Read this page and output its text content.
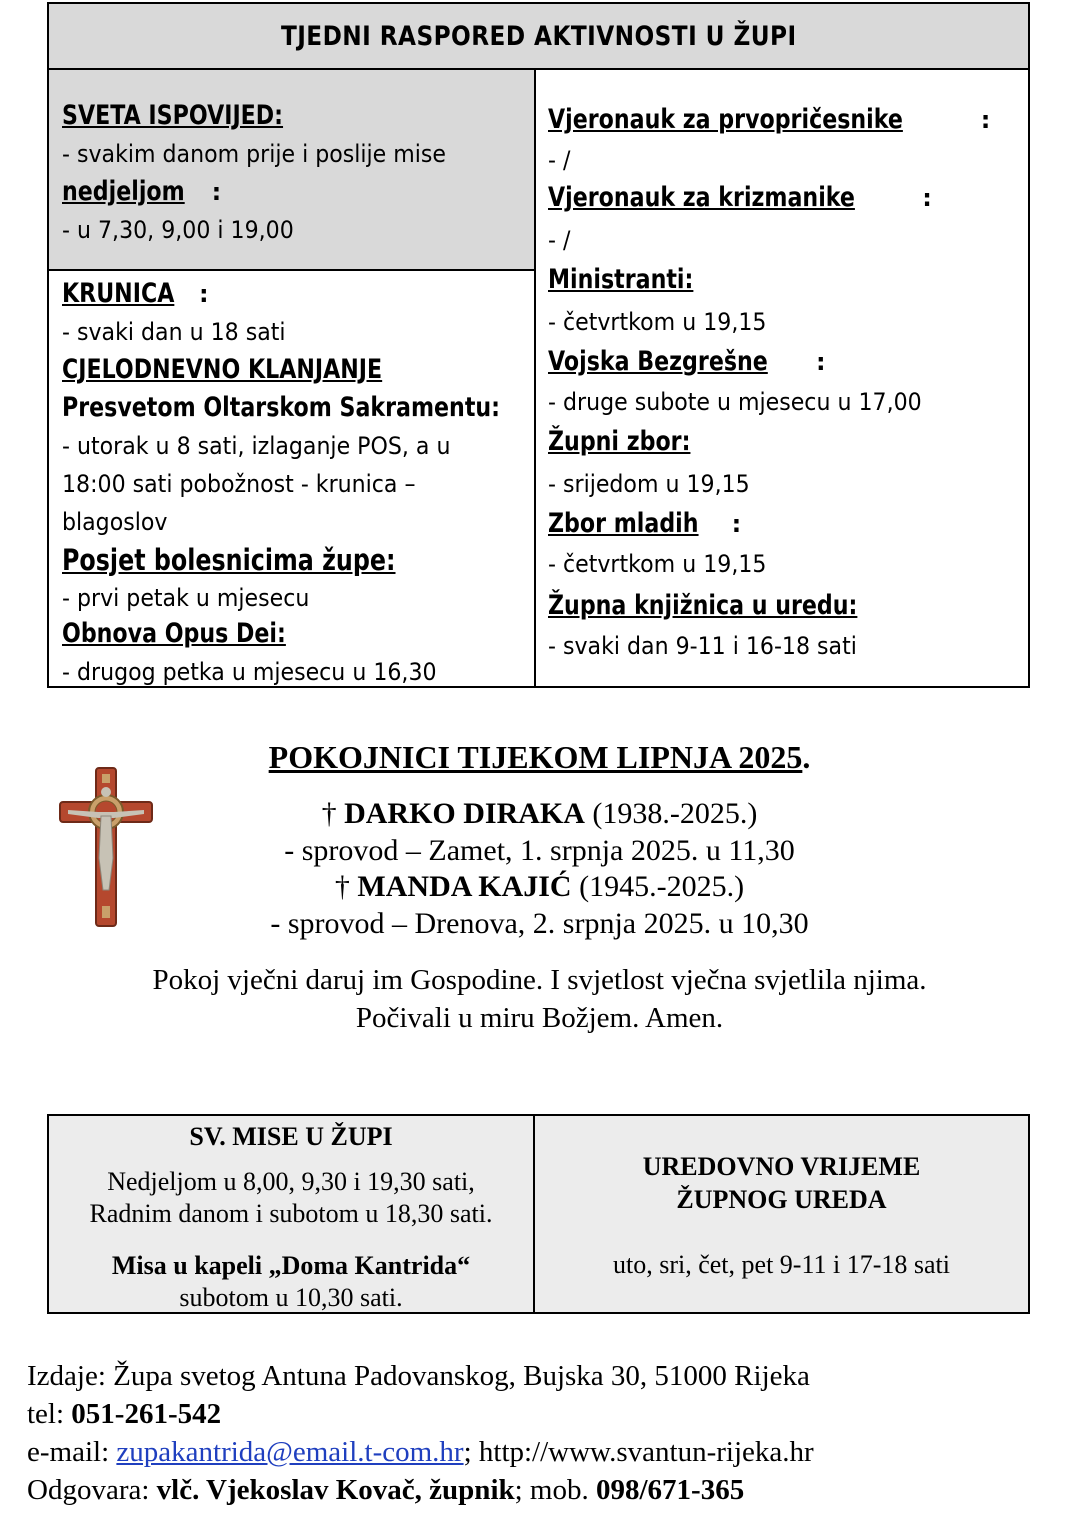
TJEDNI RASPORED AKTIVNOSTI U ŽUPI
SVETA ISPOVIJED:
- svakim danom prije i poslije mise
nedjeljom :
- u 7,30, 9,00 i 19,00
KRUNICA :
- svaki dan u 18 sati
CJELODNEVNO KLANJANJE
Presvetom Oltarskom Sakramentu:
- utorak u 8 sati, izlaganje POS, a u
18:00 sati pobožnost - krunica –
blagoslov
Posjet bolesnicima župe:
- prvi petak u mjesecu
Obnova Opus Dei:
- drugog petka u mjesecu u 16,30
Vjeronauk za prvopričesnike	:
- /
Vjeronauk za krizmanike	:
- /
Ministranti:
- četvrtkom u 19,15
Vojska Bezgrešne :
- druge subote u mjesecu u 17,00
Župni zbor:
- srijedom u 19,15
Zbor mladih :
- četvrtkom u 19,15
Župna knjižnica u uredu:
- svaki dan 9-11 i 16-18 sati
POKOJNICI TIJEKOM LIPNJA 2025.
† DARKO DIRAKA (1938.-2025.)
- sprovod – Zamet, 1. srpnja 2025. u 11,30
† MANDA KAJIĆ (1945.-2025.)
- sprovod – Drenova, 2. srpnja 2025. u 10,30
Pokoj vječni daruj im Gospodine. I svjetlost vječna svjetlila njima.
Počivali u miru Božjem. Amen.
SV. MISE U ŽUPI
Nedjeljom u 8,00, 9,30 i 19,30 sati,
Radnim danom i subotom u 18,30 sati.
Misa u kapeli „Doma Kantrida“
subotom u 10,30 sati.
UREDOVNO VRIJEME
ŽUPNOG UREDA
uto, sri, čet, pet 9-11 i 17-18 sati
Izdaje: Župa svetog Antuna Padovanskog, Bujska 30, 51000 Rijeka
tel: 051-261-542
e-mail: zupakantrida@email.t-com.hr; http://www.svantun-rijeka.hr
Odgovara: vlč. Vjekoslav Kovač, župnik; mob. 098/671-365
